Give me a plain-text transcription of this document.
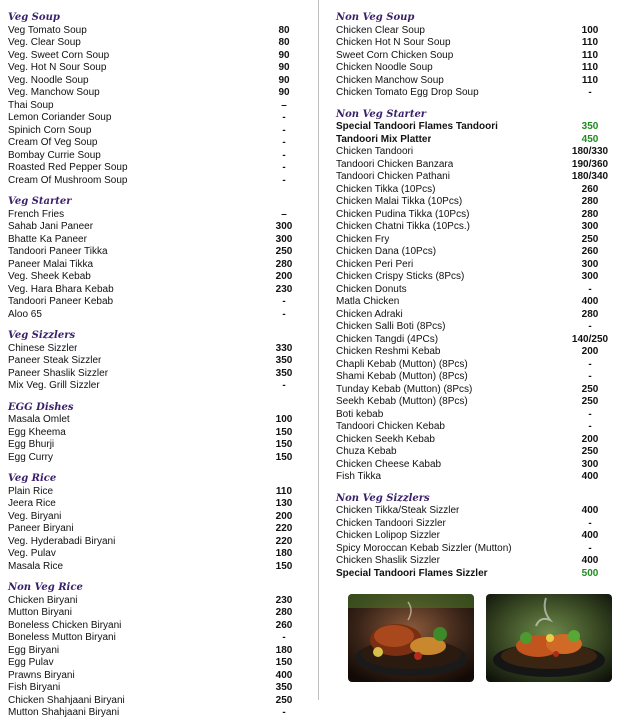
Veg Soup
Veg Tomato Soup	80
Veg. Clear Soup	80
Veg. Sweet Corn Soup	90
Veg. Hot N Sour Soup	90
Veg. Noodle Soup	90
Veg. Manchow Soup	90
Thai Soup	–
Lemon Coriander Soup	-
Spinich Corn Soup	-
Cream Of Veg Soup	-
Bombay Currie Soup	-
Roasted Red Pepper Soup	-
Cream Of Mushroom Soup	-
Veg Starter
French Fries	–
Sahab Jani Paneer	300
Bhatte Ka Paneer	300
Tandoori Paneer Tikka	250
Paneer Malai Tikka	280
Veg. Sheek Kebab	200
Veg. Hara Bhara Kebab	230
Tandoori Paneer Kebab	-
Aloo 65	-
Veg Sizzlers
Chinese Sizzler	330
Paneer Steak Sizzler	350
Paneer Shaslik Sizzler	350
Mix Veg. Grill Sizzler	-
EGG Dishes
Masala Omlet	100
Egg Kheema	150
Egg Bhurji	150
Egg Curry	150
Veg Rice
Plain Rice	110
Jeera Rice	130
Veg. Biryani	200
Paneer Biryani	220
Veg. Hyderabadi Biryani	220
Veg. Pulav	180
Masala Rice	150
Non Veg Rice
Chicken Biryani	230
Mutton Biryani	280
Boneless Chicken Biryani	260
Boneless Mutton Biryani	-
Egg Biryani	180
Egg Pulav	150
Prawns Biryani	400
Fish Biryani	350
Chicken Shahjaani Biryani	250
Mutton Shahjaani Biryani	-
Non Veg Soup
Chicken Clear Soup	100
Chicken Hot N Sour Soup	110
Sweet Corn Chicken Soup	110
Chicken Noodle Soup	110
Chicken Manchow Soup	110
Chicken Tomato Egg Drop Soup	-
Non Veg Starter
Special Tandoori Flames Tandoori	350
Tandoori Mix Platter	450
Chicken Tandoori	180/330
Tandoori Chicken Banzara	190/360
Tandoori Chicken Pathani	180/340
Chicken Tikka (10Pcs)	260
Chicken Malai Tikka (10Pcs)	280
Chicken Pudina Tikka (10Pcs)	280
Chicken Chatni Tikka (10Pcs.)	300
Chicken Fry	250
Chicken Dana (10Pcs)	260
Chicken Peri Peri	300
Chicken Crispy Sticks (8Pcs)	300
Chicken Donuts	-
Matla Chicken	400
Chicken Adraki	280
Chicken Salli Boti (8Pcs)	-
Chicken Tangdi (4PCs)	140/250
Chicken Reshmi Kebab	200
Chapli Kebab (Mutton) (8Pcs)	-
Shami Kebab (Mutton) (8Pcs)	-
Tunday Kebab (Mutton) (8Pcs)	250
Seekh Kebab (Mutton) (8Pcs)	250
Boti kebab	-
Tandoori Chicken Kebab	-
Chicken Seekh Kebab	200
Chuza Kebab	250
Chicken Cheese Kabab	300
Fish Tikka	400
Non Veg Sizzlers
Chicken Tikka/Steak Sizzler	400
Chicken Tandoori Sizzler	-
Chicken Lolipop Sizzler	400
Spicy Moroccan Kebab Sizzler (Mutton)	-
Chicken Shaslik Sizzler	400
Special Tandoori Flames Sizzler	500
